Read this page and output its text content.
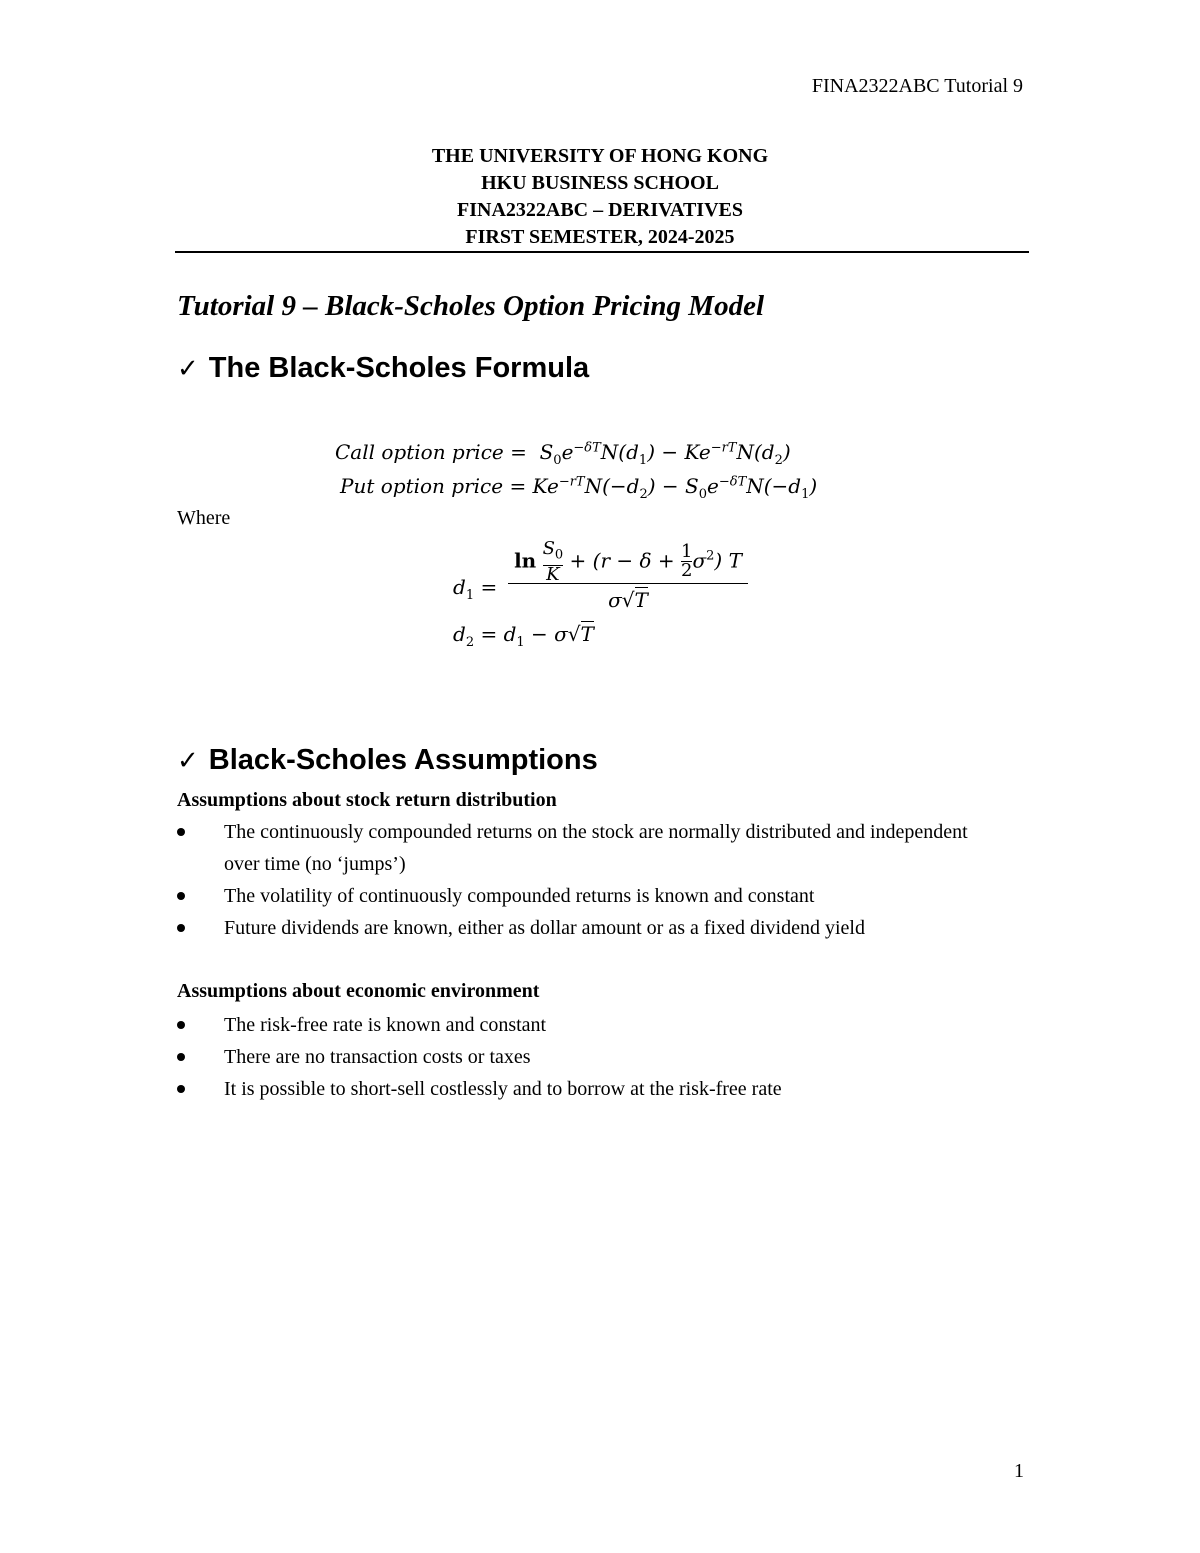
FINA2322ABC Tutorial 9
THE UNIVERSITY OF HONG KONG
HKU BUSINESS SCHOOL
FINA2322ABC – DERIVATIVES
FIRST SEMESTER, 2024-2025
Tutorial 9 – Black-Scholes Option Pricing Model
✓ The Black-Scholes Formula
Call option price =  $S_0e^{-\delta T}N(d_1) - Ke^{-rT}N(d_2)$
Put option price = $Ke^{-rT}N(-d_2) - S_0e^{-\delta T}N(-d_1)$
Where
$d_1$ =
$\ln \frac{S_0}{K} + (r - \delta + \frac{1}{2} \sigma^2)$ T
σ√T
$d_2 = d_1 - \sigma√T$
✓ Black-Scholes Assumptions
Assumptions about stock return distribution
The continuously compounded returns on the stock are normally distributed and independent over time (no ‘jumps’)
The volatility of continuously compounded returns is known and constant
Future dividends are known, either as dollar amount or as a fixed dividend yield
Assumptions about economic environment
The risk-free rate is known and constant
There are no transaction costs or taxes
It is possible to short-sell costlessly and to borrow at the risk-free rate
1
